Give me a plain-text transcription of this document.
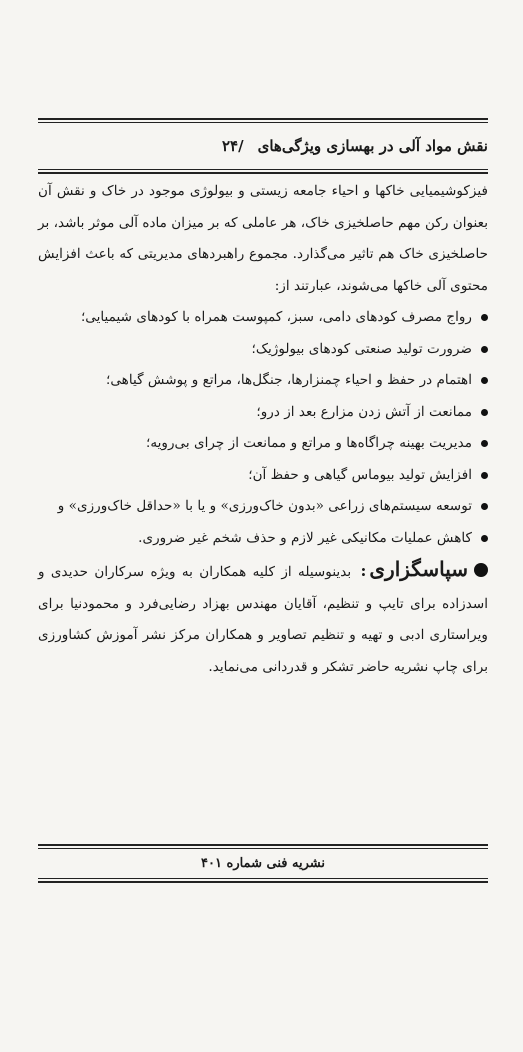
نقش مواد آلی در بهسازی ویژگی‌های
/۲۴

فیزکوشیمیایی خاکها و احیاء جامعه زیستی و بیولوژی موجود در خاک و نقش آن بعنوان رکن مهم حاصلخیزی خاک، هر عاملی که بر میزان ماده آلی موثر باشد، بر حاصلخیزی خاک هم تاثیر می‌گذارد. مجموع راهبردهای مدیریتی که باعث افزایش محتوی آلی خاکها می‌شوند، عبارتند از:

رواج مصرف کودهای دامی، سبز، کمپوست همراه با کودهای شیمیایی؛
ضرورت تولید صنعتی کودهای بیولوژیک؛
اهتمام در حفظ و احیاء چمنزارها، جنگل‌ها، مراتع و پوشش گیاهی؛
ممانعت از آتش زدن مزارع بعد از درو؛
مدیریت بهینه چراگاه‌ها و مراتع و ممانعت از چرای بی‌رویه؛
افزایش تولید بیوماس گیاهی و حفظ آن؛
توسعه سیستم‌های زراعی «بدون خاک‌ورزی» و یا با «حداقل خاک‌ورزی» و
کاهش عملیات مکانیکی غیر لازم و حذف شخم غیر ضروری.

سپاسگزاری: بدینوسیله از کلیه همکاران به ویژه سرکاران حدیدی و اسدزاده برای تایپ و تنظیم، آقایان مهندس بهزاد رضایی‌فرد و محمودنیا برای ویراستاری ادبی و تهیه و تنظیم تصاویر و همکاران مرکز نشر آموزش کشاورزی برای چاپ نشریه حاضر تشکر و قدردانی می‌نماید.

نشریه فنی شماره ۴۰۱
